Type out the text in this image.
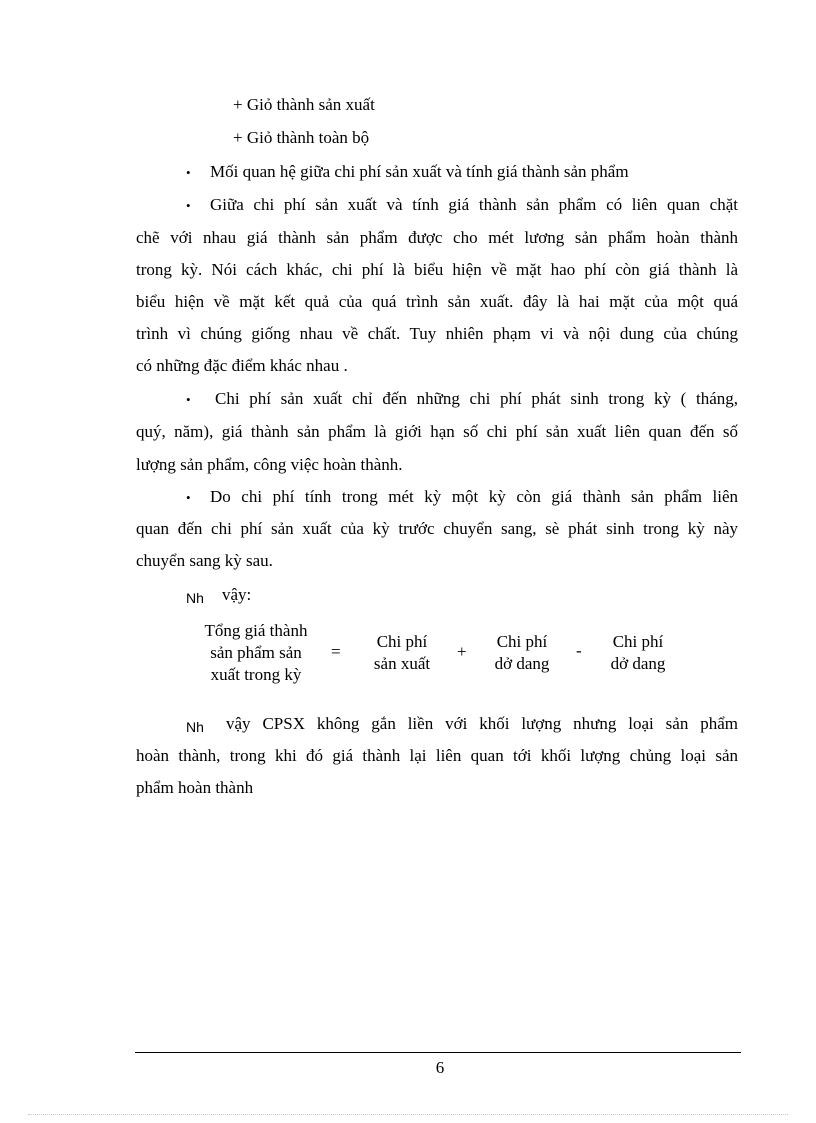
+ Giỏ thành sản xuất
+ Giỏ thành toàn bộ
• Mối quan hệ giữa chi phí sản xuất và tính giá thành sản phẩm
• Giữa chi phí sản xuất và tính giá thành sản phẩm có liên quan chặt
chẽ với nhau giá thành sản phẩm được cho mét lương sản phẩm hoàn thành
trong kỳ. Nói cách khác, chi phí là biểu hiện về mặt hao phí còn giá thành là
biểu hiện về mặt kết quả của quá trình sản xuất. đây là hai mặt của một quá
trình vì chúng giống nhau về chất. Tuy nhiên phạm vi và nội dung của chúng
có những đặc điểm khác nhau .
• Chi phí sản xuất chỉ đến những chi phí phát sinh trong kỳ ( tháng,
quý, năm), giá thành sản phẩm là giới hạn số chi phí sản xuất liên quan đến số
lượng sản phẩm, công việc hoàn thành.
• Do chi phí tính trong mét kỳ một kỳ còn giá thành sản phẩm liên
quan đến chi phí sản xuất của kỳ trước chuyển sang, sè phát sinh trong kỳ này
chuyển sang kỳ sau.
Nh vậy:
Tổng giá thành
sản phẩm sản
xuất trong kỳ
=
Chi phí
sản xuất
+
Chi phí
dở dang
-	Chi phí
dở dang
Nh vậy CPSX không gắn liền với khối lượng nhưng loại sản phẩm
hoàn thành, trong khi đó giá thành lại liên quan tới khối lượng chủng loại sản
phẩm hoàn thành
6
